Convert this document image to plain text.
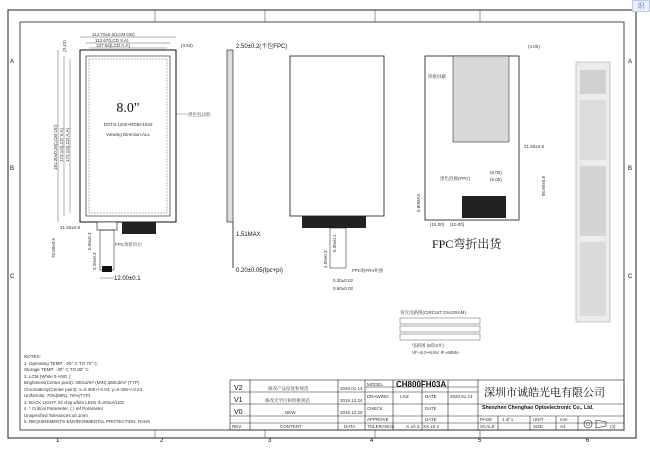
1	2	3	4	5	6
A
B
C
A
B
C
8.0"
DOTS:1200×RGB×1920
Viewing Direction:ALL
114.70±0.2(LCM OD)
112.67(LCD V.A)
107.64(LCD A.A)	(3.53)
(3.43)
181.20±0.25(LCM OD) 173.12(LCD V.A) 172.12(LCD A.A)
黑色包边胶
FPC预折向后
21.50±0.8
70.60±0.5	0.50±0.3
3.20±0.3
12.00±0.1
2.50±0.2(不包FPC)
1.51MAX
0.20±0.05(fpc+pi)
4.50±0.3
5.30±0.1
0.30±0.02
0.60±0.02
FPC贴FR4补强
(4.00)
铁框屏蔽
21.50±0.8
黑色泡棉(FPC)
(6.00)
(5.05)
(15.00) (10.00)
85.60±0.8
0.80MAX
FPC弯折出货
背光电路图(CIRCUIT DIAGRAM)
电路图 (8串3并)
VF=9.0~9.9V, IF=60MA
NOTES:
1. Operating TEMP: -20° C TO 70° C
Storage TEMP: -30° C TO 80° C
2. LCM (White 9 ANG ):
Brightness(Center point): 300cd/m² (MIN),350cd/m² (TYP)
Chromaticity(Center point): x=0.300+/-0.04; y=0.335+/-0.04
Uniformity: 70%(MIN), 75%(TYP)
3. BACK LIGHT: 24 chip white LEDs If=20mA/LED
4. * Critical Parameter, ( ) ref Parameter
Unspecified Tolerances:±0.1mm
5. REQUIREMENTS ENVIRONMENTAL PROTECTION: RoHS
V2	修改产品厚度和规范	2020.01.14
V1	修改光学区和铁框规范	2019.12.24
V0	NEW	2019.12.20
REV.	CONTENT	DATA
MODEL CH800FH03A
DRAWING	LGZ	DATE	2020.01.14
CHECK	DATE
APPROVE	DATE
TOLERANCE .X ±0.3, .XX ±0.2
深圳市诚皓光电有限公司
Shenzhen Chenghao Optoelectronic Co., Ltd.
PAGE 1 of 1	UNIT	mm
SCALE	SIZE	A4	(3)
识
